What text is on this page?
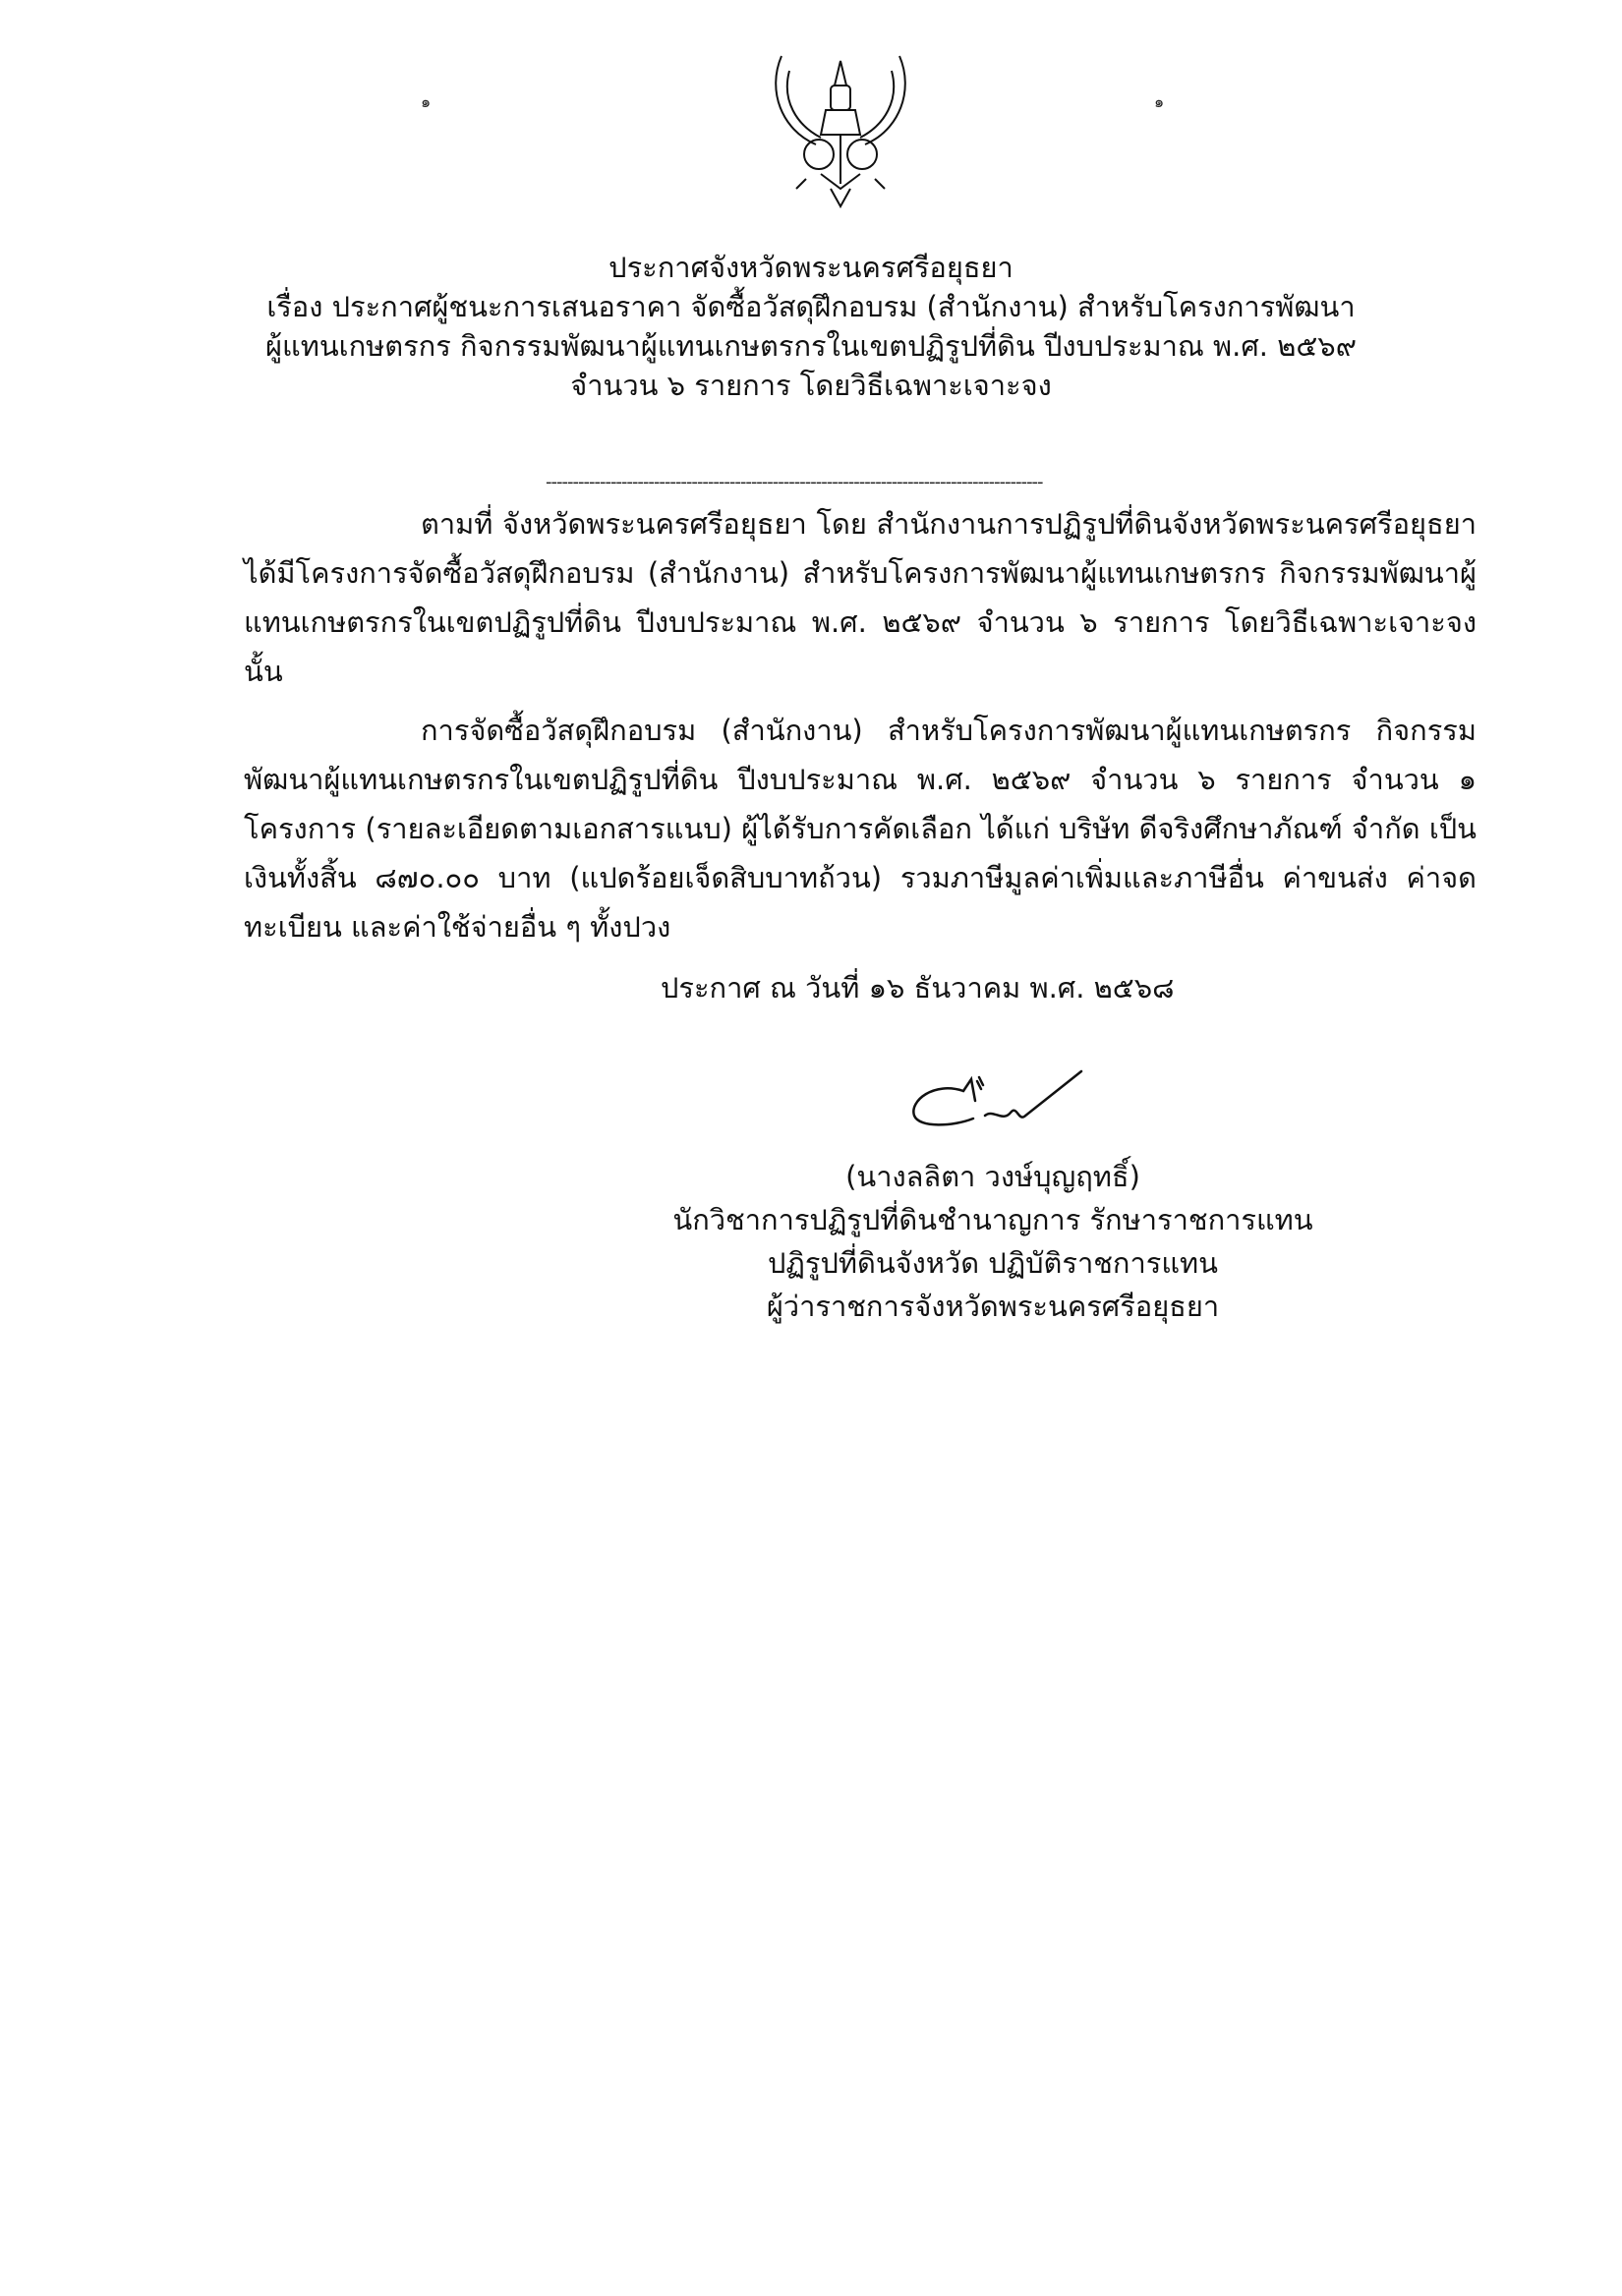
๑	๑
ประกาศจังหวัดพระนครศรีอยุธยา
เรื่อง ประกาศผู้ชนะการเสนอราคา จัดซื้อวัสดุฝึกอบรม (สำนักงาน) สำหรับโครงการพัฒนา
ผู้แทนเกษตรกร กิจกรรมพัฒนาผู้แทนเกษตรกรในเขตปฏิรูปที่ดิน ปีงบประมาณ พ.ศ. ๒๕๖๙
จำนวน ๖ รายการ โดยวิธีเฉพาะเจาะจง
--------------------------------------------------------------------------------------------
ตามที่ จังหวัดพระนครศรีอยุธยา โดย สำนักงานการปฏิรูปที่ดินจังหวัดพระนครศรีอยุธยา ได้มีโครงการจัดซื้อวัสดุฝึกอบรม (สำนักงาน) สำหรับโครงการพัฒนาผู้แทนเกษตรกร กิจกรรมพัฒนาผู้แทนเกษตรกรในเขตปฏิรูปที่ดิน ปีงบประมาณ พ.ศ. ๒๕๖๙ จำนวน ๖ รายการ โดยวิธีเฉพาะเจาะจง นั้น
การจัดซื้อวัสดุฝึกอบรม (สำนักงาน) สำหรับโครงการพัฒนาผู้แทนเกษตรกร กิจกรรมพัฒนาผู้แทนเกษตรกรในเขตปฏิรูปที่ดิน ปีงบประมาณ พ.ศ. ๒๕๖๙ จำนวน ๖ รายการ จำนวน ๑ โครงการ (รายละเอียดตามเอกสารแนบ) ผู้ได้รับการคัดเลือก ได้แก่ บริษัท ดีจริงศึกษาภัณฑ์ จำกัด เป็นเงินทั้งสิ้น ๘๗๐.๐๐ บาท (แปดร้อยเจ็ดสิบบาทถ้วน) รวมภาษีมูลค่าเพิ่มและภาษีอื่น ค่าขนส่ง ค่าจดทะเบียน และค่าใช้จ่ายอื่น ๆ ทั้งปวง
ประกาศ ณ วันที่ ๑๖ ธันวาคม พ.ศ. ๒๕๖๘
(นางลลิตา วงษ์บุญฤทธิ์)
นักวิชาการปฏิรูปที่ดินชำนาญการ รักษาราชการแทน
ปฏิรูปที่ดินจังหวัด ปฏิบัติราชการแทน
ผู้ว่าราชการจังหวัดพระนครศรีอยุธยา
